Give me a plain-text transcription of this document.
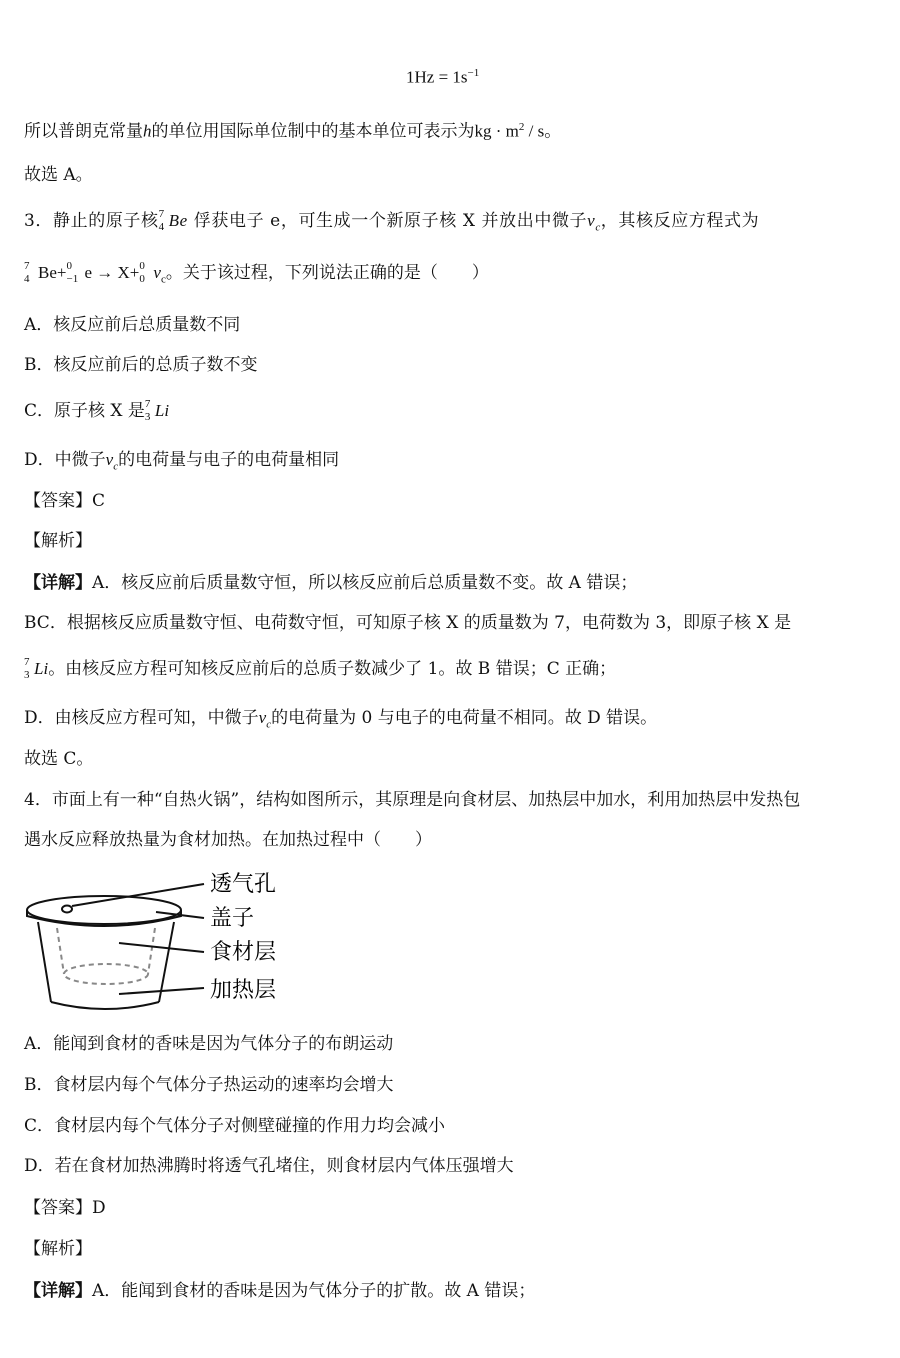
$1Hz = 1s^{-1}$
所以普朗克常量h的单位用国际单位制中的基本单位可表示为kg · $m^2$ / s。
故选 A。
3．静止的原子核 7
4 Be 俘获电子 e，可生成一个新原子核 X 并放出中微子$\nu_c$，其核反应方程式为
7
4 Be+ 0
−1 e → X+ 0
0 $\nu_c$。关于该过程，下列说法正确的是（　　）
A．核反应前后总质量数不同
B．核反应前后的总质子数不变
C．原子核 X 是 7
3 Li
D．中微子$\nu_c$的电荷量与电子的电荷量相同
【答案】C
【解析】
【详解】A．核反应前后质量数守恒，所以核反应前后总质量数不变。故 A 错误；
BC．根据核反应质量数守恒、电荷数守恒，可知原子核 X 的质量数为 7，电荷数为 3，即原子核 X 是
7
3 Li。由核反应方程可知核反应前后的总质子数减少了 1。故 B 错误；C 正确；
D．由核反应方程可知，中微子$\nu_c$的电荷量为 0 与电子的电荷量不相同。故 D 错误。
故选 C。
4．市面上有一种“自热火锅”，结构如图所示，其原理是向食材层、加热层中加水，利用加热层中发热包
遇水反应释放热量为食材加热。在加热过程中（　　）
透气孔
盖子
食材层
加热层
A．能闻到食材的香味是因为气体分子的布朗运动
B．食材层内每个气体分子热运动的速率均会增大
C．食材层内每个气体分子对侧壁碰撞的作用力均会减小
D．若在食材加热沸腾时将透气孔堵住，则食材层内气体压强增大
【答案】D
【解析】
【详解】A．能闻到食材的香味是因为气体分子的扩散。故 A 错误；
